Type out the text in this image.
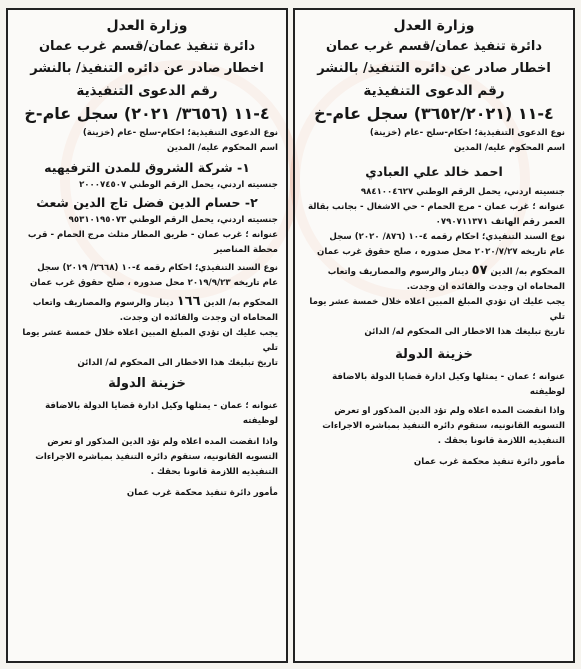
وزارة العدل
دائرة تنفيذ عمان/قسم غرب عمان
اخطار صادر عن دائره التنفيذ/ بالنشر
رقم الدعوى التنفيذية
٤-١١ (٣٦٥٢/٢٠٢١) سجل عام-خ

نوع الدعوى التنفيذية؛ احكام-سلح -عام (خزينة)

اسم المحكوم عليه/ المدين

احمد خالد علي العبادي

جنسيته اردني، يحمل الرقم الوطني ٩٨٤١٠٠٤٦٢٧

عنوانه ؛ غرب عمان - مرج الحمام - حي الاشغال - بجانب بقالة

العمر رقم الهاتف ٠٧٩٠٧١١٣٧١

نوع السند التنفيذي؛ احكام رقمه ٤-١٠ (٨٧٦/ ٢٠٢٠) سجل

عام تاريخه ٢٠٢٠/٧/٢٧ محل صدوره ، صلح حقوق غرب عمان

المحكوم به/ الدين ٥٧ دينار والرسوم والمصاريف واتعاب

المحاماه ان وجدت والفائده ان وجدت.

يجب عليك ان تؤدي المبلغ المبين اعلاه خلال خمسة عشر يوما تلي

تاريخ تبليغك هذا الاخطار الى المحكوم له/ الدائن

خزينة الدولة

عنوانه ؛ عمان - يمثلها وكيل ادارة قضايا الدولة بالاضافة

لوظيفته

واذا انقضت المده اعلاه ولم تؤد الدين المذكور او تعرض

التسويه القانونيه، ستقوم دائره التنفيذ بمباشره الاجراءات

التنفيذيه اللازمة قانونا بحقك .

مأمور دائرة تنفيذ محكمة غرب عمان

وزارة العدل
دائرة تنفيذ عمان/قسم غرب عمان
اخطار صادر عن دائره التنفيذ/ بالنشر
رقم الدعوى التنفيذية
٤-١١ (٣٦٥٦/ ٢٠٢١) سجل عام-خ

نوع الدعوى التنفيذية؛ احكام-سلح -عام (خزينة)

اسم المحكوم عليه/ المدين

١- شركة الشروق للمدن الترفيهيه

جنسيته اردني، يحمل الرقم الوطني ٢٠٠٠٧٤٥٠٧

٢- حسام الدين فضل تاج الدين شعث

جنسيته اردني، يحمل الرقم الوطني ٩٥٣١٠١٩٥٠٧٣

عنوانه ؛ غرب عمان - طريق المطار مثلث مرج الحمام - قرب

محطة المناصير

نوع السند التنفيذي؛ احكام رقمه ٤-١٠ (٢٦٦٨/ ٢٠١٩) سجل

عام تاريخه ٢٠١٩/٩/٢٣ محل صدوره ، صلح حقوق غرب عمان

المحكوم به/ الدين ١٦٦ دينار والرسوم والمصاريف واتعاب

المحاماه ان وجدت والفائده ان وجدت.

يجب عليك ان تؤدي المبلغ المبين اعلاه خلال خمسة عشر يوما تلي

تاريخ تبليغك هذا الاخطار الى المحكوم له/ الدائن

خزينة الدولة

عنوانه ؛ عمان - يمثلها وكيل ادارة قضايا الدولة بالاضافة

لوظيفته

واذا انقضت المده اعلاه ولم تؤد الدين المذكور او تعرض

التسويه القانونيه، ستقوم دائره التنفيذ بمباشره الاجراءات

التنفيذيه اللازمة قانونا بحقك .

مأمور دائرة تنفيذ محكمة غرب عمان
